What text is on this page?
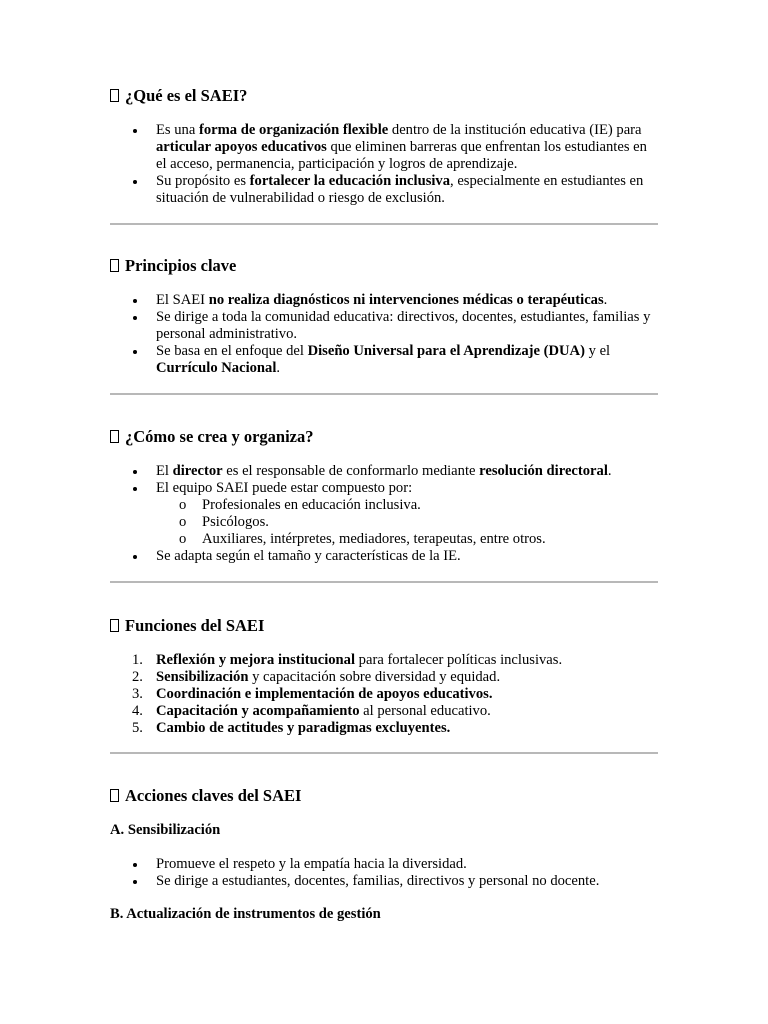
¿Qué es el SAEI?
Es una forma de organización flexible dentro de la institución educativa (IE) para articular apoyos educativos que eliminen barreras que enfrentan los estudiantes en el acceso, permanencia, participación y logros de aprendizaje.
Su propósito es fortalecer la educación inclusiva, especialmente en estudiantes en situación de vulnerabilidad o riesgo de exclusión.
Principios clave
El SAEI no realiza diagnósticos ni intervenciones médicas o terapéuticas.
Se dirige a toda la comunidad educativa: directivos, docentes, estudiantes, familias y personal administrativo.
Se basa en el enfoque del Diseño Universal para el Aprendizaje (DUA) y el Currículo Nacional.
¿Cómo se crea y organiza?
El director es el responsable de conformarlo mediante resolución directoral.
El equipo SAEI puede estar compuesto por:
o Profesionales en educación inclusiva.
o Psicólogos.
o Auxiliares, intérpretes, mediadores, terapeutas, entre otros.
Se adapta según el tamaño y características de la IE.
Funciones del SAEI
1. Reflexión y mejora institucional para fortalecer políticas inclusivas.
2. Sensibilización y capacitación sobre diversidad y equidad.
3. Coordinación e implementación de apoyos educativos.
4. Capacitación y acompañamiento al personal educativo.
5. Cambio de actitudes y paradigmas excluyentes.
Acciones claves del SAEI
A. Sensibilización
Promueve el respeto y la empatía hacia la diversidad.
Se dirige a estudiantes, docentes, familias, directivos y personal no docente.
B. Actualización de instrumentos de gestión
